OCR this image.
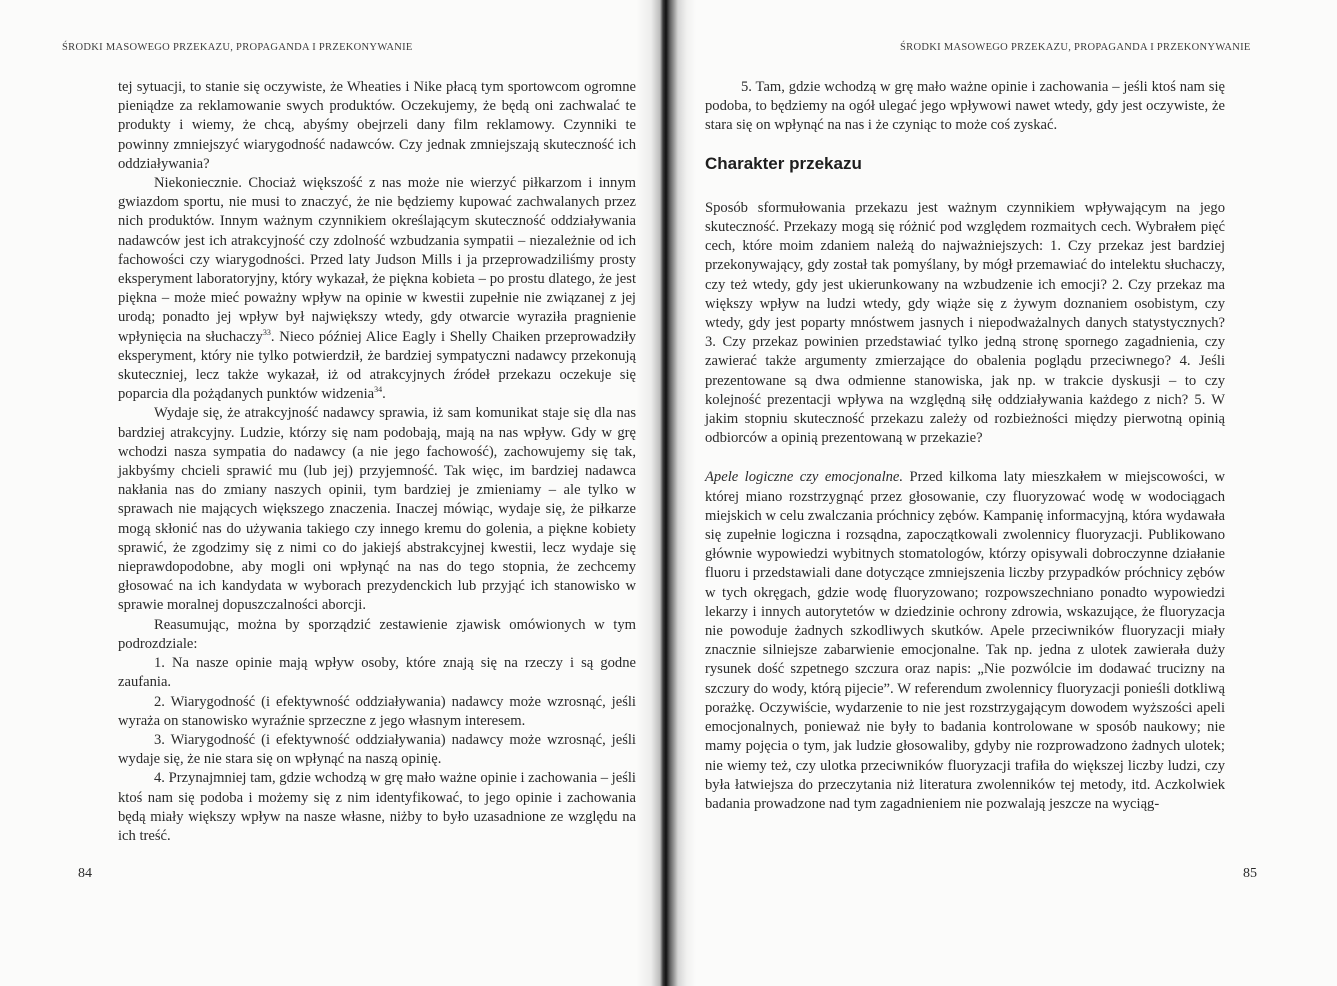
ŚRODKI MASOWEGO PRZEKAZU, PROPAGANDA I PRZEKONYWANIE

tej sytuacji, to stanie się oczywiste, że Wheaties i Nike płacą tym sportowcom ogromne pieniądze za reklamowanie swych produktów. Oczekujemy, że będą oni zachwalać te produkty i wiemy, że chcą, abyśmy obejrzeli dany film reklamowy. Czynniki te powinny zmniejszyć wiarygodność nadawców. Czy jednak zmniejszają skuteczność ich oddziaływania?

Niekoniecznie. Chociaż większość z nas może nie wierzyć piłkarzom i innym gwiazdom sportu, nie musi to znaczyć, że nie będziemy kupować zachwalanych przez nich produktów. Innym ważnym czynnikiem określającym skuteczność oddziaływania nadawców jest ich atrakcyjność czy zdolność wzbudzania sympatii – niezależnie od ich fachowości czy wiarygodności. Przed laty Judson Mills i ja przeprowadziliśmy prosty eksperyment laboratoryjny, który wykazał, że piękna kobieta – po prostu dlatego, że jest piękna – może mieć poważny wpływ na opinie w kwestii zupełnie nie związanej z jej urodą; ponadto jej wpływ był największy wtedy, gdy otwarcie wyraziła pragnienie wpłynięcia na słuchaczy$^{33}$. Nieco później Alice Eagly i Shelly Chaiken przeprowadziły eksperyment, który nie tylko potwierdził, że bardziej sympatyczni nadawcy przekonują skuteczniej, lecz także wykazał, iż od atrakcyjnych źródeł przekazu oczekuje się poparcia dla pożądanych punktów widzenia$^{34}$.

Wydaje się, że atrakcyjność nadawcy sprawia, iż sam komunikat staje się dla nas bardziej atrakcyjny. Ludzie, którzy się nam podobają, mają na nas wpływ. Gdy w grę wchodzi nasza sympatia do nadawcy (a nie jego fachowość), zachowujemy się tak, jakbyśmy chcieli sprawić mu (lub jej) przyjemność. Tak więc, im bardziej nadawca nakłania nas do zmiany naszych opinii, tym bardziej je zmieniamy – ale tylko w sprawach nie mających większego znaczenia. Inaczej mówiąc, wydaje się, że piłkarze mogą skłonić nas do używania takiego czy innego kremu do golenia, a piękne kobiety sprawić, że zgodzimy się z nimi co do jakiejś abstrakcyjnej kwestii, lecz wydaje się nieprawdopodobne, aby mogli oni wpłynąć na nas do tego stopnia, że zechcemy głosować na ich kandydata w wyborach prezydenckich lub przyjąć ich stanowisko w sprawie moralnej dopuszczalności aborcji.

Reasumując, można by sporządzić zestawienie zjawisk omówionych w tym podrozdziale:

1. Na nasze opinie mają wpływ osoby, które znają się na rzeczy i są godne zaufania.

2. Wiarygodność (i efektywność oddziaływania) nadawcy może wzrosnąć, jeśli wyraża on stanowisko wyraźnie sprzeczne z jego własnym interesem.

3. Wiarygodność (i efektywność oddziaływania) nadawcy może wzrosnąć, jeśli wydaje się, że nie stara się on wpłynąć na naszą opinię.

4. Przynajmniej tam, gdzie wchodzą w grę mało ważne opinie i zachowania – jeśli ktoś nam się podoba i możemy się z nim identyfikować, to jego opinie i zachowania będą miały większy wpływ na nasze własne, niżby to było uzasadnione ze względu na ich treść.

84
ŚRODKI MASOWEGO PRZEKAZU, PROPAGANDA I PRZEKONYWANIE

5. Tam, gdzie wchodzą w grę mało ważne opinie i zachowania – jeśli ktoś nam się podoba, to będziemy na ogół ulegać jego wpływowi nawet wtedy, gdy jest oczywiste, że stara się on wpłynąć na nas i że czyniąc to może coś zyskać.

Charakter przekazu

Sposób sformułowania przekazu jest ważnym czynnikiem wpływającym na jego skuteczność. Przekazy mogą się różnić pod względem rozmaitych cech. Wybrałem pięć cech, które moim zdaniem należą do najważniejszych: 1. Czy przekaz jest bardziej przekonywający, gdy został tak pomyślany, by mógł przemawiać do intelektu słuchaczy, czy też wtedy, gdy jest ukierunkowany na wzbudzenie ich emocji? 2. Czy przekaz ma większy wpływ na ludzi wtedy, gdy wiąże się z żywym doznaniem osobistym, czy wtedy, gdy jest poparty mnóstwem jasnych i niepodważalnych danych statystycznych? 3. Czy przekaz powinien przedstawiać tylko jedną stronę spornego zagadnienia, czy zawierać także argumenty zmierzające do obalenia poglądu przeciwnego? 4. Jeśli prezentowane są dwa odmienne stanowiska, jak np. w trakcie dyskusji – to czy kolejność prezentacji wpływa na względną siłę oddziaływania każdego z nich? 5. W jakim stopniu skuteczność przekazu zależy od rozbieżności między pierwotną opinią odbiorców a opinią prezentowaną w przekazie?

Apele logiczne czy emocjonalne. Przed kilkoma laty mieszkałem w miejscowości, w której miano rozstrzygnąć przez głosowanie, czy fluoryzować wodę w wodociągach miejskich w celu zwalczania próchnicy zębów. Kampanię informacyjną, która wydawała się zupełnie logiczna i rozsądna, zapoczątkowali zwolennicy fluoryzacji. Publikowano głównie wypowiedzi wybitnych stomatologów, którzy opisywali dobroczynne działanie fluoru i przedstawiali dane dotyczące zmniejszenia liczby przypadków próchnicy zębów w tych okręgach, gdzie wodę fluoryzowano; rozpowszechniano ponadto wypowiedzi lekarzy i innych autorytetów w dziedzinie ochrony zdrowia, wskazujące, że fluoryzacja nie powoduje żadnych szkodliwych skutków. Apele przeciwników fluoryzacji miały znacznie silniejsze zabarwienie emocjonalne. Tak np. jedna z ulotek zawierała duży rysunek dość szpetnego szczura oraz napis: „Nie pozwólcie im dodawać trucizny na szczury do wody, którą pijecie”. W referendum zwolennicy fluoryzacji ponieśli dotkliwą porażkę. Oczywiście, wydarzenie to nie jest rozstrzygającym dowodem wyższości apeli emocjonalnych, ponieważ nie były to badania kontrolowane w sposób naukowy; nie mamy pojęcia o tym, jak ludzie głosowaliby, gdyby nie rozprowadzono żadnych ulotek; nie wiemy też, czy ulotka przeciwników fluoryzacji trafiła do większej liczby ludzi, czy była łatwiejsza do przeczytania niż literatura zwolenników tej metody, itd. Aczkolwiek badania prowadzone nad tym zagadnieniem nie pozwalają jeszcze na wyciąg-

85
